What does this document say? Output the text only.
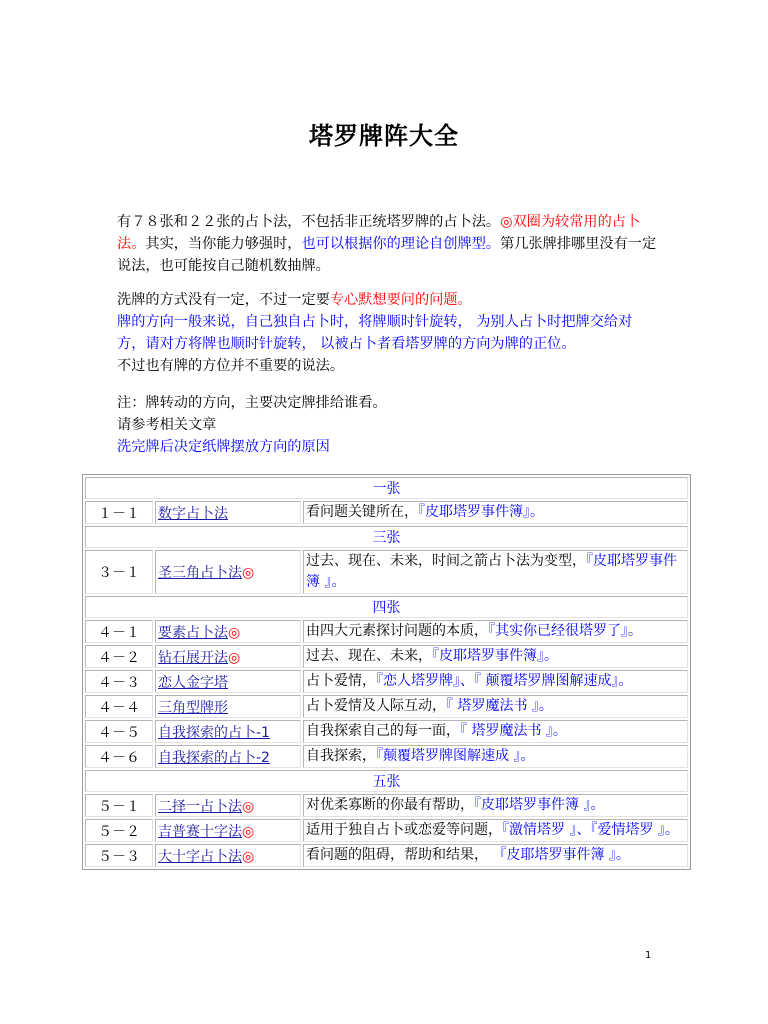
塔罗牌阵大全
有７８张和２２张的占卜法，不包括非正统塔罗牌的占卜法。◎双圈为较常用的占卜法。其实，当你能力够强时，也可以根据你的理论自创牌型。第几张牌排哪里没有一定说法，也可能按自己随机数抽牌。
洗牌的方式没有一定，不过一定要专心默想要问的问题。
牌的方向一般来说，自己独自占卜时，将牌顺时针旋转， 为别人占卜时把牌交给对方，请对方将牌也顺时针旋转， 以被占卜者看塔罗牌的方向为牌的正位。
不过也有牌的方位并不重要的说法。
注：牌转动的方向，主要决定牌排给谁看。
请参考相关文章
洗完牌后决定纸牌摆放方向的原因
一张		
１－１	数字占卜法	看问题关键所在，『皮耶塔罗事件簿』。
三张		
３－１	圣三角占卜法◎	过去、现在、未来，时间之箭占卜法为变型，『皮耶塔罗事件簿 』。
四张		
４－１	要素占卜法◎	由四大元素探讨问题的本质，『其实你已经很塔罗了』。
４－２	钻石展开法◎	过去、现在、未来，『皮耶塔罗事件簿』。
４－３	恋人金字塔	占卜爱情，『恋人塔罗牌』、『 颠覆塔罗牌图解速成』。
４－４	三角型牌形	占卜爱情及人际互动，『 塔罗魔法书 』。
４－５	自我探索的占卜-1	自我探索自己的每一面，『 塔罗魔法书 』。
４－６	自我探索的占卜-2	自我探索，『颠覆塔罗牌图解速成 』。
五张		
５－１	二择一占卜法◎	对优柔寡断的你最有帮助，『皮耶塔罗事件簿 』。
５－２	吉普赛十字法◎	适用于独自占卜或恋爱等问题，『激情塔罗 』、『爱情塔罗 』。
５－３	大十字占卜法◎	看问题的阻碍，帮助和结果， 『皮耶塔罗事件簿 』。
1
